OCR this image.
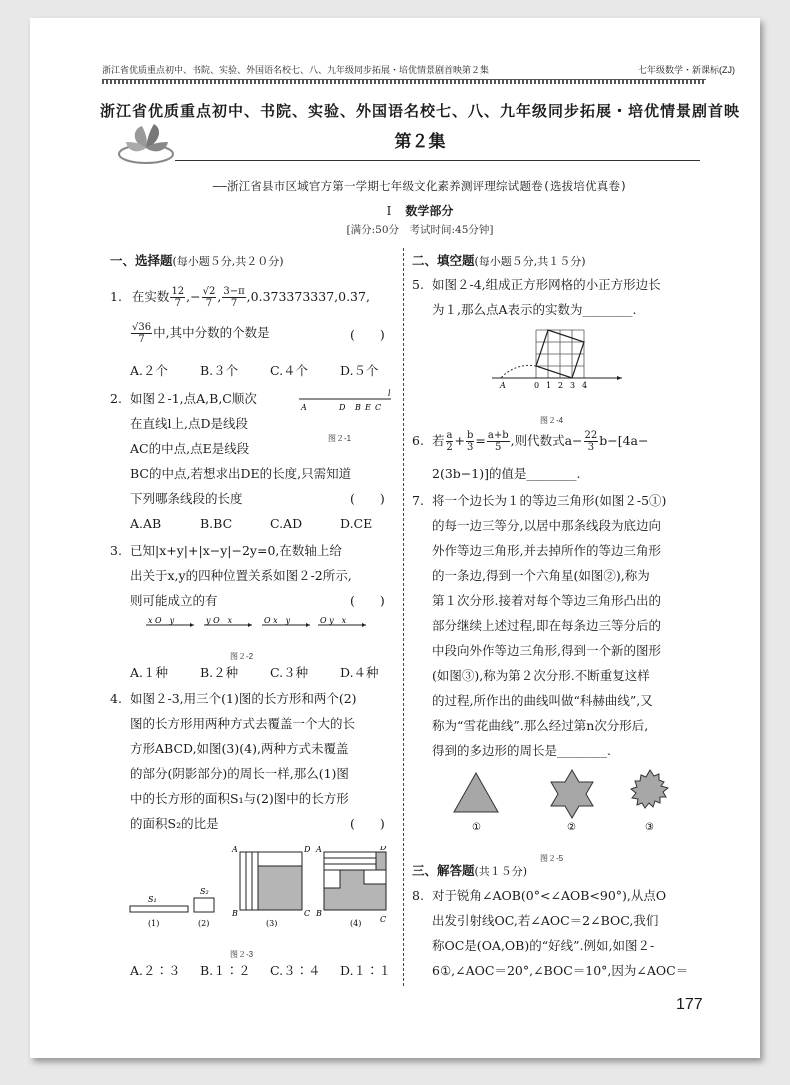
浙江省优质重点初中、书院、实验、外国语名校七、八、九年级同步拓展・培优情景剧首映第２集	七年级数学・新课标(ZJ)
浙江省优质重点初中、书院、实验、外国语名校七、八、九年级同步拓展・培优情景剧首映
第２集
——浙江省县市区域官方第一学期七年级文化素养测评理综试题卷(选拔培优真卷)
Ⅰ 数学部分
[满分:50分　考试时间:45分钟]
一、选择题(每小题５分,共２０分)
1. 在实数 $\frac{12}{7}$ ,− $\frac{√2}{7}$ , $\frac{3-\pi}{7}$ ,0.373373337,0.3̇7̇,
$\frac{√36}{7}$ 中,其中分数的个数是	(　　)
A.２个	B.３个	C.４个	D.５个
2. 如图２-1,点A,B,C顺次
在直线l上,点D是线段
AC的中点,点E是线段
BC的中点,若想求出DE的长度,只需知道
下列哪条线段的长度	(　　)
A	D B E C
l
图２-1
A.AB	B.BC	C.AD	D.CE
3. 已知|x+y|+|x−y|−2y=0,在数轴上给
出关于x,y的四种位置关系如图２-2所示,
则可能成立的有	(　　)
x O　y	y O　x	O x　y	O y　x
图２-2
A.１种	B.２种	C.３种	D.４种
4. 如图２-3,用三个(1)图的长方形和两个(2)
图的长方形用两种方式去覆盖一个大的长
方形ABCD,如图(3)(4),两种方式未覆盖
的部分(阴影部分)的周长一样,那么(1)图
中的长方形的面积S₁与(2)图中的长方形
的面积S₂的比是	(　　)
S₁
(1)
S₂
(2)
A	D
B	C
(3)
A	D
B
C
(4)
图２-3
A.２∶３ B.１∶２ C.３∶４ D.１∶１
二、填空题(每小题５分,共１５分)
5. 如图２-4,组成正方形网格的小正方形边长
为１,那么点A表示的实数为________.
A	0 1 2 3 4
图２-4
6. 若 $\frac{a}{2} + \frac{b}{3} = \frac{a+b}{5}$ ,则代数式$a- \frac{22}{3} b-[4a-$
2(3b−1)]的值是________.
7. 将一个边长为１的等边三角形(如图２-5①)
的每一边三等分,以居中那条线段为底边向
外作等边三角形,并去掉所作的等边三角形
的一条边,得到一个六角星(如图②),称为
第１次分形.接着对每个等边三角形凸出的
部分继续上述过程,即在每条边三等分后的
中段向外作等边三角形,得到一个新的图形
(如图③),称为第２次分形.不断重复这样
的过程,所作出的曲线叫做“科赫曲线”,又
称为“雪花曲线”.那么经过第n次分形后,
得到的多边形的周长是________.
①	②	③
图２-5
三、解答题(共１５分)
8. 对于锐角∠AOB(0°<∠AOB<90°),从点O
出发引射线OC,若∠AOC＝2∠BOC,我们
称OC是(OA,OB)的“好线”.例如,如图２-
6①,∠AOC＝20°,∠BOC＝10°,因为∠AOC＝
177
